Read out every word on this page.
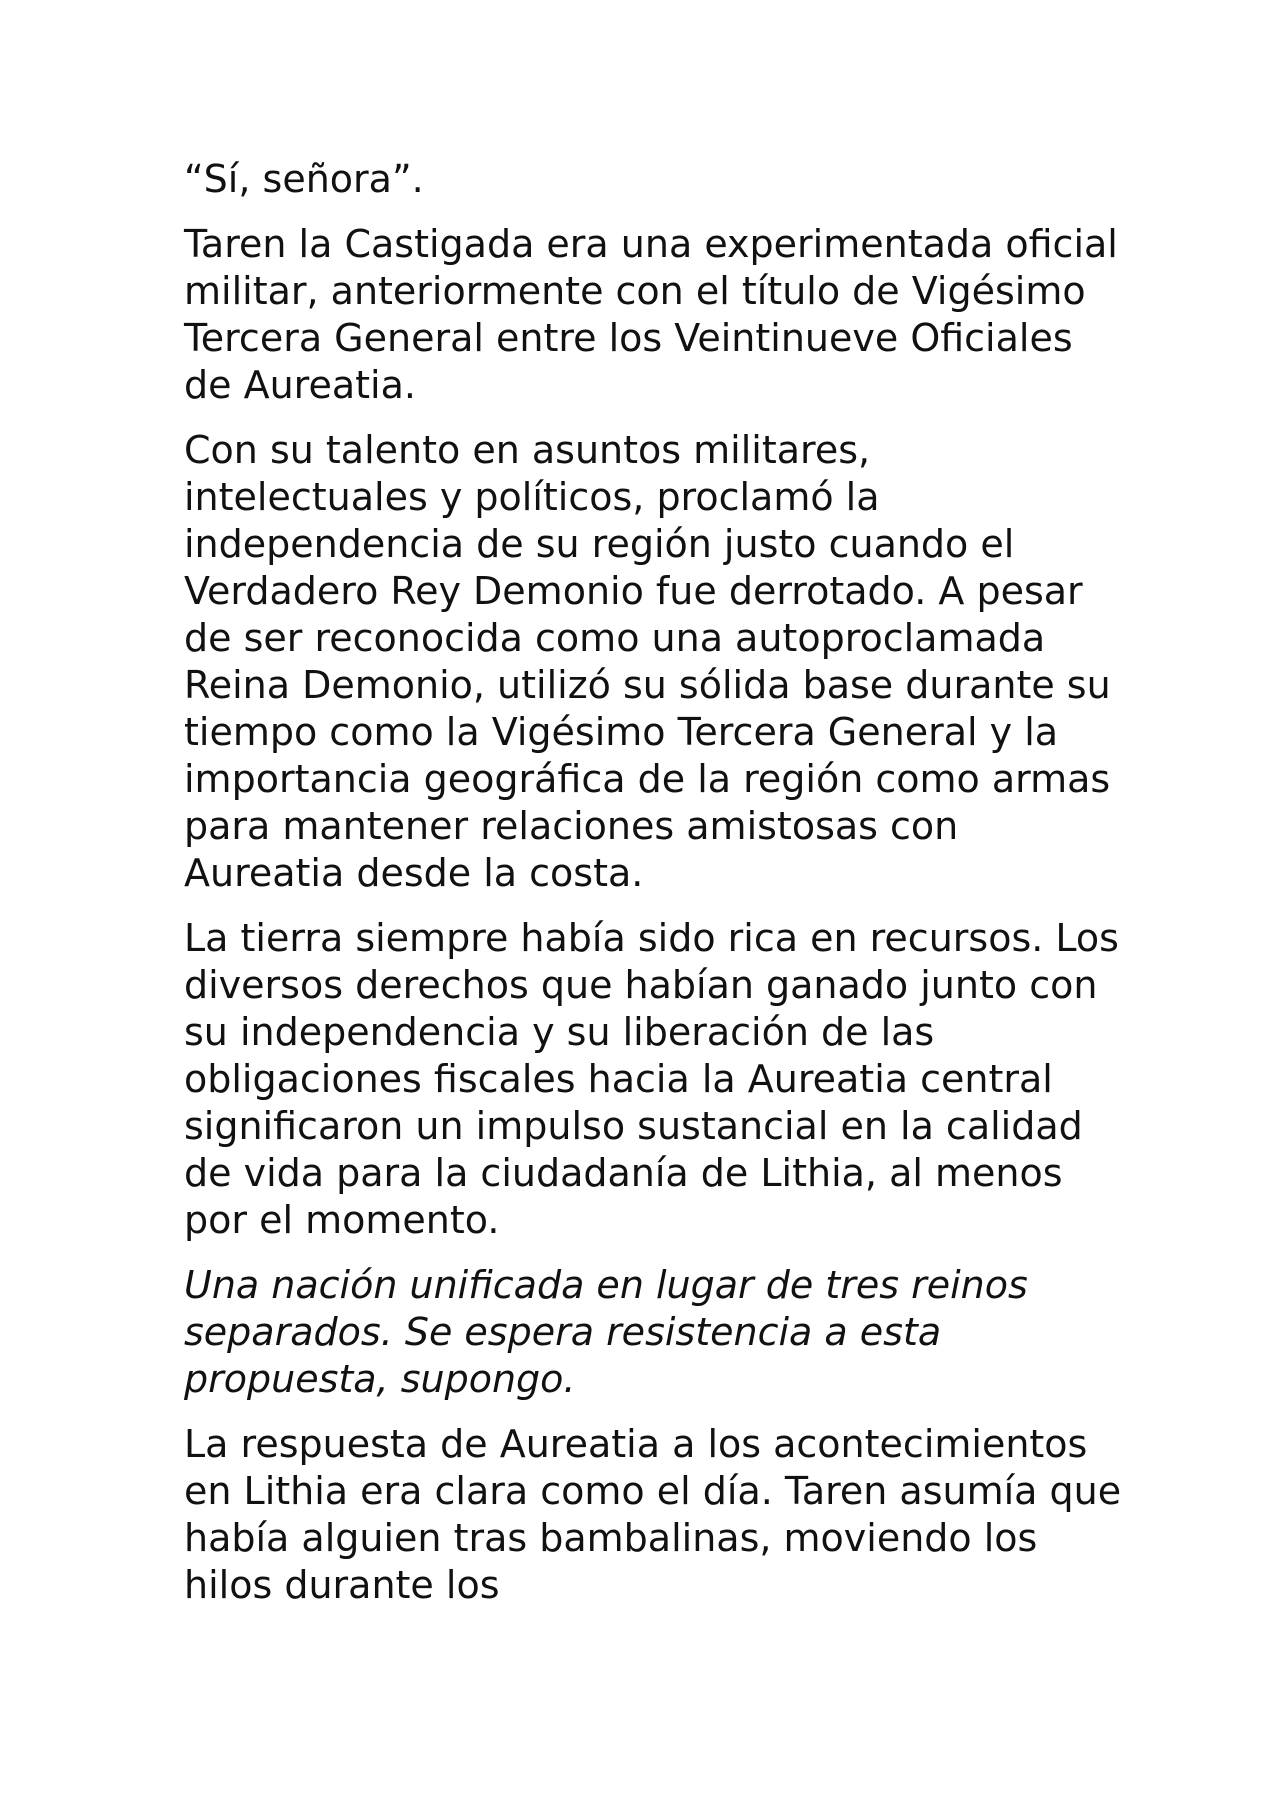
“Sí, señora”.

Taren la Castigada era una experimentada oficial militar, anteriormente con el título de Vigésimo Tercera General entre los Veintinueve Oficiales de Aureatia.

Con su talento en asuntos militares, intelectuales y políticos, proclamó la independencia de su región justo cuando el Verdadero Rey Demonio fue derrotado. A pesar de ser reconocida como una autoproclamada Reina Demonio, utilizó su sólida base durante su tiempo como la Vigésimo Tercera General y la importancia geográfica de la región como armas para mantener relaciones amistosas con Aureatia desde la costa.

La tierra siempre había sido rica en recursos. Los diversos derechos que habían ganado junto con su independencia y su liberación de las obligaciones fiscales hacia la Aureatia central significaron un impulso sustancial en la calidad de vida para la ciudadanía de Lithia, al menos por el momento.

Una nación unificada en lugar de tres reinos separados. Se espera resistencia a esta propuesta, supongo.

La respuesta de Aureatia a los acontecimientos en Lithia era clara como el día. Taren asumía que había alguien tras bambalinas, moviendo los hilos durante los
